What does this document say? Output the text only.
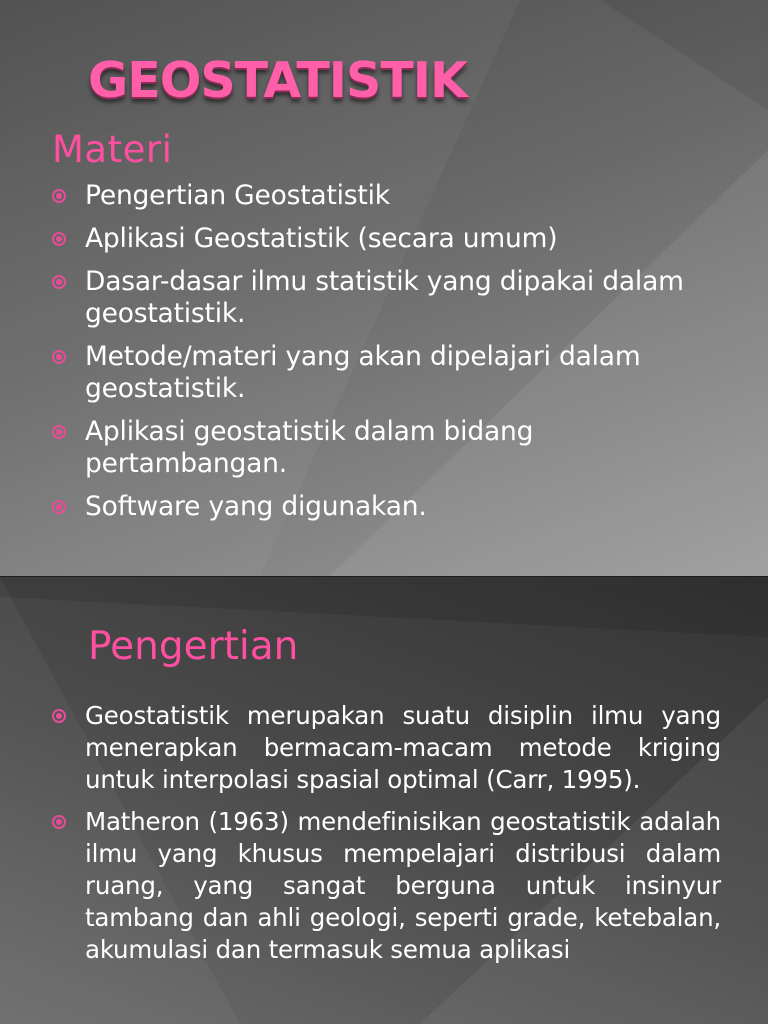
GEOSTATISTIK
Materi
Pengertian Geostatistik
Aplikasi Geostatistik (secara umum)
Dasar-dasar ilmu statistik yang dipakai dalam geostatistik.
Metode/materi yang akan dipelajari dalam geostatistik.
Aplikasi geostatistik dalam bidang pertambangan.
Software yang digunakan.
Pengertian
Geostatistik merupakan suatu disiplin ilmu yang menerapkan bermacam-macam metode kriging untuk interpolasi spasial optimal (Carr, 1995).
Matheron (1963) mendefinisikan geostatistik adalah ilmu yang khusus mempelajari distribusi dalam ruang, yang sangat berguna untuk insinyur tambang dan ahli geologi, seperti grade, ketebalan, akumulasi dan termasuk semua aplikasi
